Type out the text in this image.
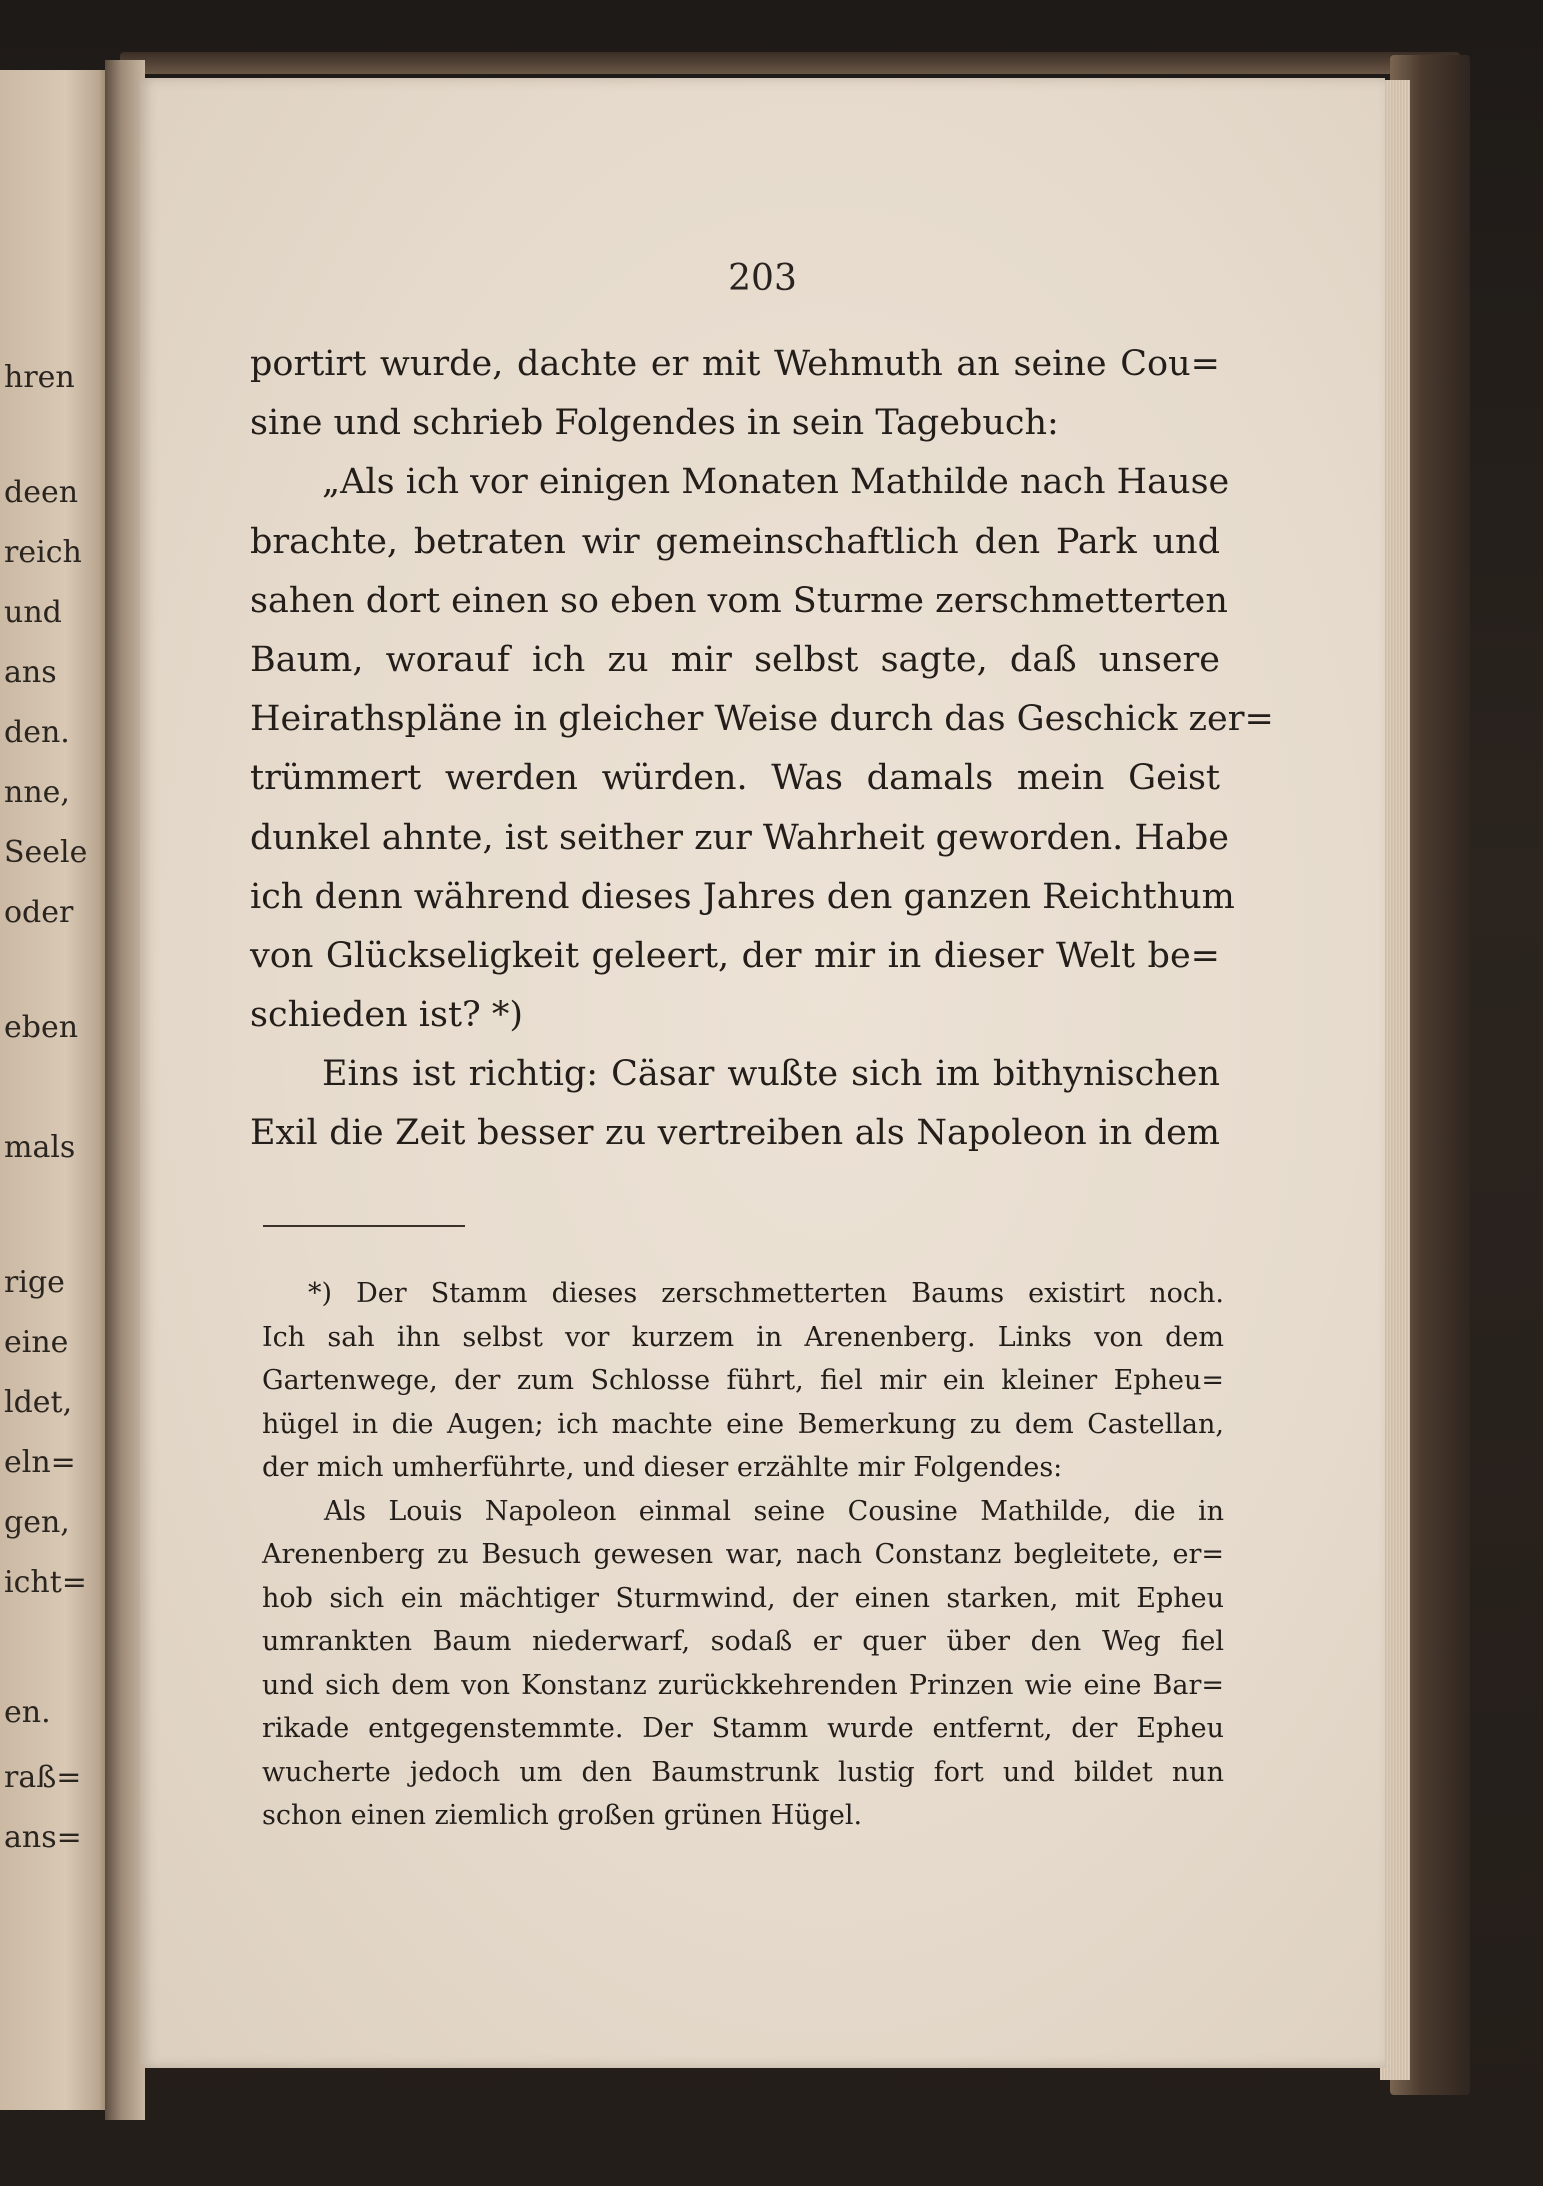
hren
deen
reich
und
ans
den.
nne,
Seele
oder
eben
mals
rige
eine
ldet,
eln=
gen,
icht=
en.
raß=
ans=
203
portirt wurde, dachte er mit Wehmuth an seine Cou=
sine und schrieb Folgendes in sein Tagebuch:
„Als ich vor einigen Monaten Mathilde nach Hause
brachte, betraten wir gemeinschaftlich den Park und
sahen dort einen so eben vom Sturme zerschmetterten
Baum, worauf ich zu mir selbst sagte, daß unsere
Heirathspläne in gleicher Weise durch das Geschick zer=
trümmert werden würden. Was damals mein Geist
dunkel ahnte, ist seither zur Wahrheit geworden. Habe
ich denn während dieses Jahres den ganzen Reichthum
von Glückseligkeit geleert, der mir in dieser Welt be=
schieden ist? *)
Eins ist richtig: Cäsar wußte sich im bithynischen
Exil die Zeit besser zu vertreiben als Napoleon in dem
*) Der Stamm dieses zerschmetterten Baums existirt noch.
Ich sah ihn selbst vor kurzem in Arenenberg. Links von dem
Gartenwege, der zum Schlosse führt, fiel mir ein kleiner Epheu=
hügel in die Augen; ich machte eine Bemerkung zu dem Castellan,
der mich umherführte, und dieser erzählte mir Folgendes:
Als Louis Napoleon einmal seine Cousine Mathilde, die in
Arenenberg zu Besuch gewesen war, nach Constanz begleitete, er=
hob sich ein mächtiger Sturmwind, der einen starken, mit Epheu
umrankten Baum niederwarf, sodaß er quer über den Weg fiel
und sich dem von Konstanz zurückkehrenden Prinzen wie eine Bar=
rikade entgegenstemmte. Der Stamm wurde entfernt, der Epheu
wucherte jedoch um den Baumstrunk lustig fort und bildet nun
schon einen ziemlich großen grünen Hügel.
